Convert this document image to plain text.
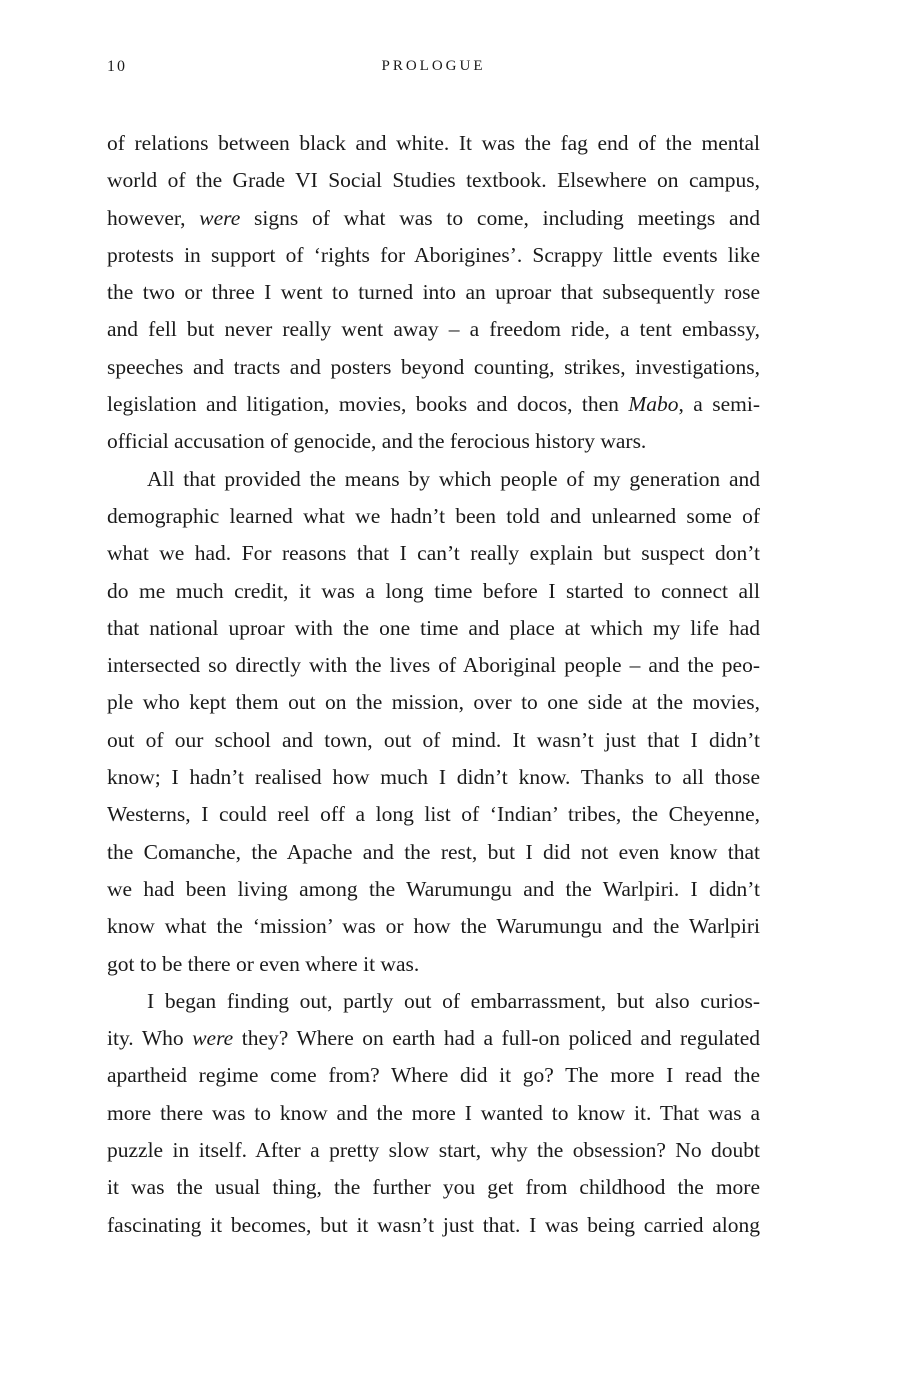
10	PROLOGUE
of relations between black and white. It was the fag end of the mental
world of the Grade VI Social Studies textbook. Elsewhere on campus,
however, were signs of what was to come, including meetings and
protests in support of ‘rights for Aborigines’. Scrappy little events like
the two or three I went to turned into an uproar that subsequently rose
and fell but never really went away – a freedom ride, a tent embassy,
speeches and tracts and posters beyond counting, strikes, investigations,
legislation and litigation, movies, books and docos, then Mabo, a semi-
official accusation of genocide, and the ferocious history wars.
All that provided the means by which people of my generation and
demographic learned what we hadn’t been told and unlearned some of
what we had. For reasons that I can’t really explain but suspect don’t
do me much credit, it was a long time before I started to connect all
that national uproar with the one time and place at which my life had
intersected so directly with the lives of Aboriginal people – and the peo-
ple who kept them out on the mission, over to one side at the movies,
out of our school and town, out of mind. It wasn’t just that I didn’t
know; I hadn’t realised how much I didn’t know. Thanks to all those
Westerns, I could reel off a long list of ‘Indian’ tribes, the Cheyenne,
the Comanche, the Apache and the rest, but I did not even know that
we had been living among the Warumungu and the Warlpiri. I didn’t
know what the ‘mission’ was or how the Warumungu and the Warlpiri
got to be there or even where it was.
I began finding out, partly out of embarrassment, but also curios-
ity. Who were they? Where on earth had a full-on policed and regulated
apartheid regime come from? Where did it go? The more I read the
more there was to know and the more I wanted to know it. That was a
puzzle in itself. After a pretty slow start, why the obsession? No doubt
it was the usual thing, the further you get from childhood the more
fascinating it becomes, but it wasn’t just that. I was being carried along
